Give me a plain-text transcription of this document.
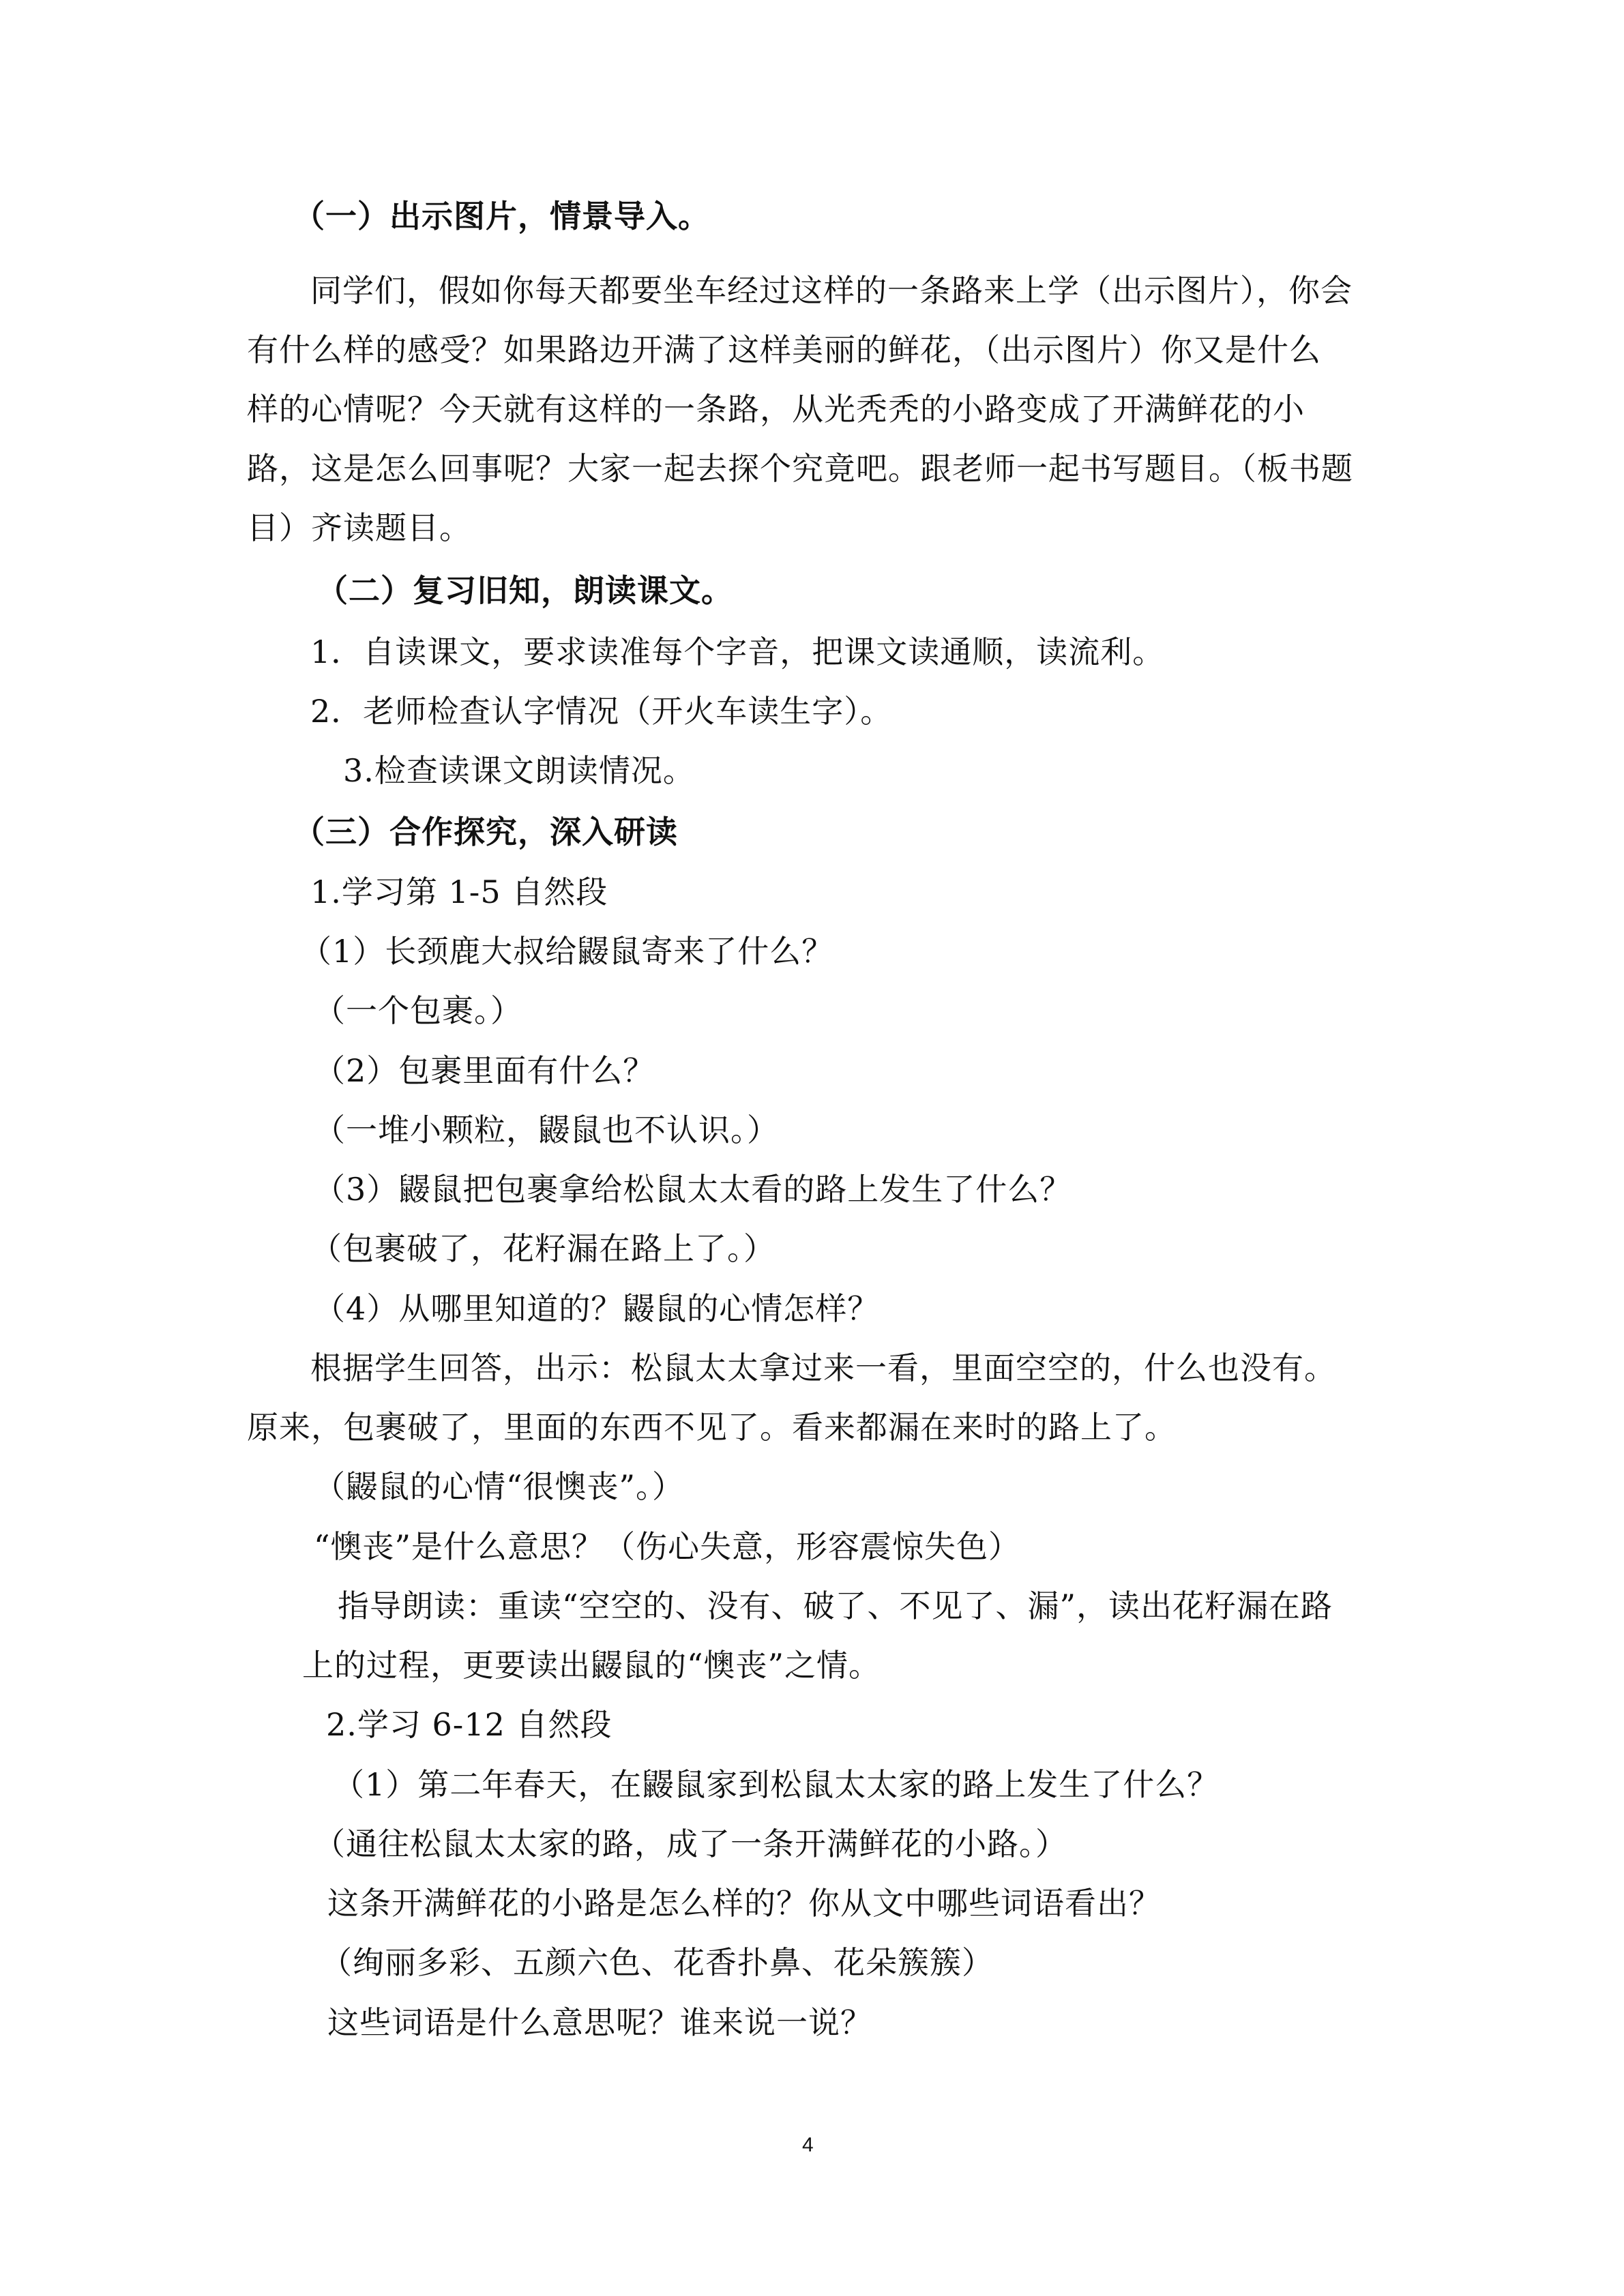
（一）出示图片，情景导入。
同学们，假如你每天都要坐车经过这样的一条路来上学（出示图片），你会
有什么样的感受？如果路边开满了这样美丽的鲜花，（出示图片）你又是什么
样的心情呢？今天就有这样的一条路，从光秃秃的小路变成了开满鲜花的小
路，这是怎么回事呢？大家一起去探个究竟吧。跟老师一起书写题目。（板书题
目）齐读题目。
（二）复习旧知，朗读课文。
1．自读课文，要求读准每个字音，把课文读通顺，读流利。
2．老师检查认字情况（开火车读生字）。
3.检查读课文朗读情况。
（三）合作探究，深入研读
1.学习第 1-5 自然段
（1）长颈鹿大叔给鼹鼠寄来了什么？
（一个包裹。）
（2）包裹里面有什么？
（一堆小颗粒，鼹鼠也不认识。）
（3）鼹鼠把包裹拿给松鼠太太看的路上发生了什么？
（包裹破了，花籽漏在路上了。）
（4）从哪里知道的？鼹鼠的心情怎样？
根据学生回答，出示：松鼠太太拿过来一看，里面空空的，什么也没有。
原来，包裹破了，里面的东西不见了。看来都漏在来时的路上了。
（鼹鼠的心情“很懊丧”。）
“懊丧”是什么意思？（伤心失意，形容震惊失色）
指导朗读：重读“空空的、没有、破了、不见了、漏”，读出花籽漏在路
上的过程，更要读出鼹鼠的“懊丧”之情。
2.学习 6-12 自然段
（1）第二年春天，在鼹鼠家到松鼠太太家的路上发生了什么？
（通往松鼠太太家的路，成了一条开满鲜花的小路。）
这条开满鲜花的小路是怎么样的？你从文中哪些词语看出？
（绚丽多彩、五颜六色、花香扑鼻、花朵簇簇）
这些词语是什么意思呢？谁来说一说？
4
